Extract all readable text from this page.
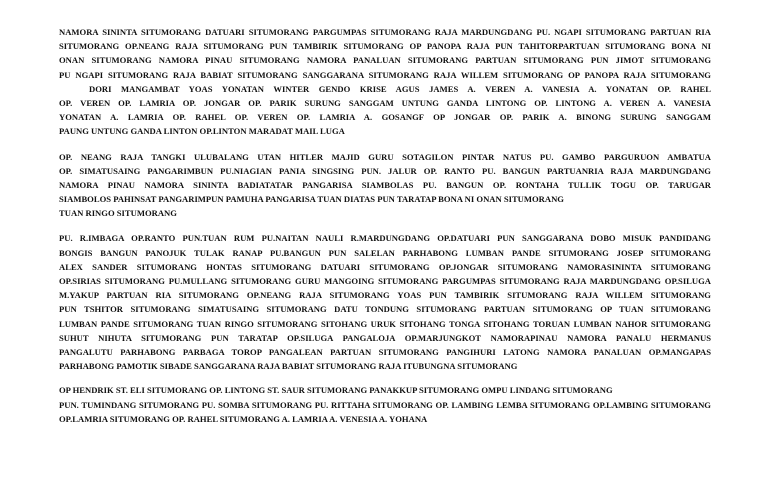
NAMORA SININTA SITUMORANG DATUARI SITUMORANG PARGUMPAS SITUMORANG RAJA MARDUNGDANG PU. NGAPI SITUMORANG PARTUAN RIA
SITUMORANG OP.NEANG RAJA SITUMORANG PUN TAMBIRIK SITUMORANG OP PANOPA RAJA PUN TAHITORPARTUAN SITUMORANG BONA NI
ONAN SITUMORANG NAMORA PINAU SITUMORANG NAMORA PANALUAN SITUMORANG PARTUAN SITUMORANG PUN JIMOT SITUMORANG
PU NGAPI SITUMORANG RAJA BABIAT SITUMORANG SANGGARANA SITUMORANG RAJA WILLEM SITUMORANG OP PANOPA RAJA SITUMORANG
DORI MANGAMBAT YOAS YONATAN WINTER GENDO KRISE AGUS JAMES A. VEREN A. VANESIA A. YONATAN OP. RAHEL
OP. VEREN OP. LAMRIA OP. JONGAR OP. PARIK SURUNG SANGGAM UNTUNG GANDA LINTONG OP. LINTONG A. VEREN A. VANESIA
YONATAN A. LAMRIA OP. RAHEL OP. VEREN OP. LAMRIA A. GOSANGF OP JONGAR OP. PARIK A. BINONG SURUNG SANGGAM
PAUNG UNTUNG GANDA LINTON OP.LINTON MARADAT MAIL LUGA
OP. NEANG RAJA TANGKI ULUBALANG UTAN HITLER MAJID GURU SOTAGILON PINTAR NATUS PU. GAMBO PARGURUON AMBATUA
OP. SIMATUSAING PANGARIMBUN PU.NIAGIAN PANIA SINGSING PUN. JALUR OP. RANTO PU. BANGUN PARTUANRIA RAJA MARDUNGDANG
NAMORA PINAU NAMORA SININTA BADIATATAR PANGARISA SIAMBOLAS PU. BANGUN OP. RONTAHA TULLIK TOGU OP. TARUGAR
SIAMBOLOS PAHINSAT PANGARIMPUN PAMUHA PANGARISA TUAN DIATAS PUN TARATAP BONA NI ONAN SITUMORANG
TUAN RINGO SITUMORANG
PU. R.IMBAGA OP.RANTO PUN.TUAN RUM PU.NAITAN NAULI R.MARDUNGDANG OP.DATUARI PUN SANGGARANA DOBO MISUK PANDIDANG
BONGIS BANGUN PANOJUK TULAK RANAP PU.BANGUN PUN SALELAN PARHABONG LUMBAN PANDE SITUMORANG JOSEP SITUMORANG
ALEX SANDER SITUMORANG HONTAS SITUMORANG DATUARI SITUMORANG OP.JONGAR SITUMORANG NAMORASININTA SITUMORANG
OP.SIRIAS SITUMORANG PU.MULLANG SITUMORANG GURU MANGOING SITUMORANG PARGUMPAS SITUMORANG RAJA MARDUNGDANG OP.SILUGA
M.YAKUP PARTUAN RIA SITUMORANG OP.NEANG RAJA SITUMORANG YOAS PUN TAMBIRIK SITUMORANG RAJA WILLEM SITUMORANG
PUN TSHITOR SITUMORANG SIMATUSAING SITUMORANG DATU TONDUNG SITUMORANG PARTUAN SITUMORANG OP TUAN SITUMORANG
LUMBAN PANDE SITUMORANG TUAN RINGO SITUMORANG SITOHANG URUK SITOHANG TONGA SITOHANG TORUAN LUMBAN NAHOR SITUMORANG
SUHUT NIHUTA SITUMORANG PUN TARATAP OP.SILUGA PANGALOJA OP.MARJUNGKOT NAMORAPINAU NAMORA PANALU HERMANUS
PANGALUTU PARHABONG PARBAGA TOROP PANGALEAN PARTUAN SITUMORANG PANGIHURI LATONG NAMORA PANALUAN OP.MANGAPAS
PARHABONG PAMOTIK SIBADE SANGGARANA RAJA BABIAT SITUMORANG RAJA ITUBUNGNA SITUMORANG
OP HENDRIK ST. ELI SITUMORANG OP. LINTONG ST. SAUR SITUMORANG PANAKKUP SITUMORANG OMPU LINDANG SITUMORANG
PUN. TUMINDANG SITUMORANG PU. SOMBA SITUMORANG PU. RITTAHA SITUMORANG OP. LAMBING LEMBA SITUMORANG OP.LAMBING SITUMORANG
OP.LAMRIA SITUMORANG OP. RAHEL SITUMORANG A. LAMRIA A. VENESIA A. YOHANA
